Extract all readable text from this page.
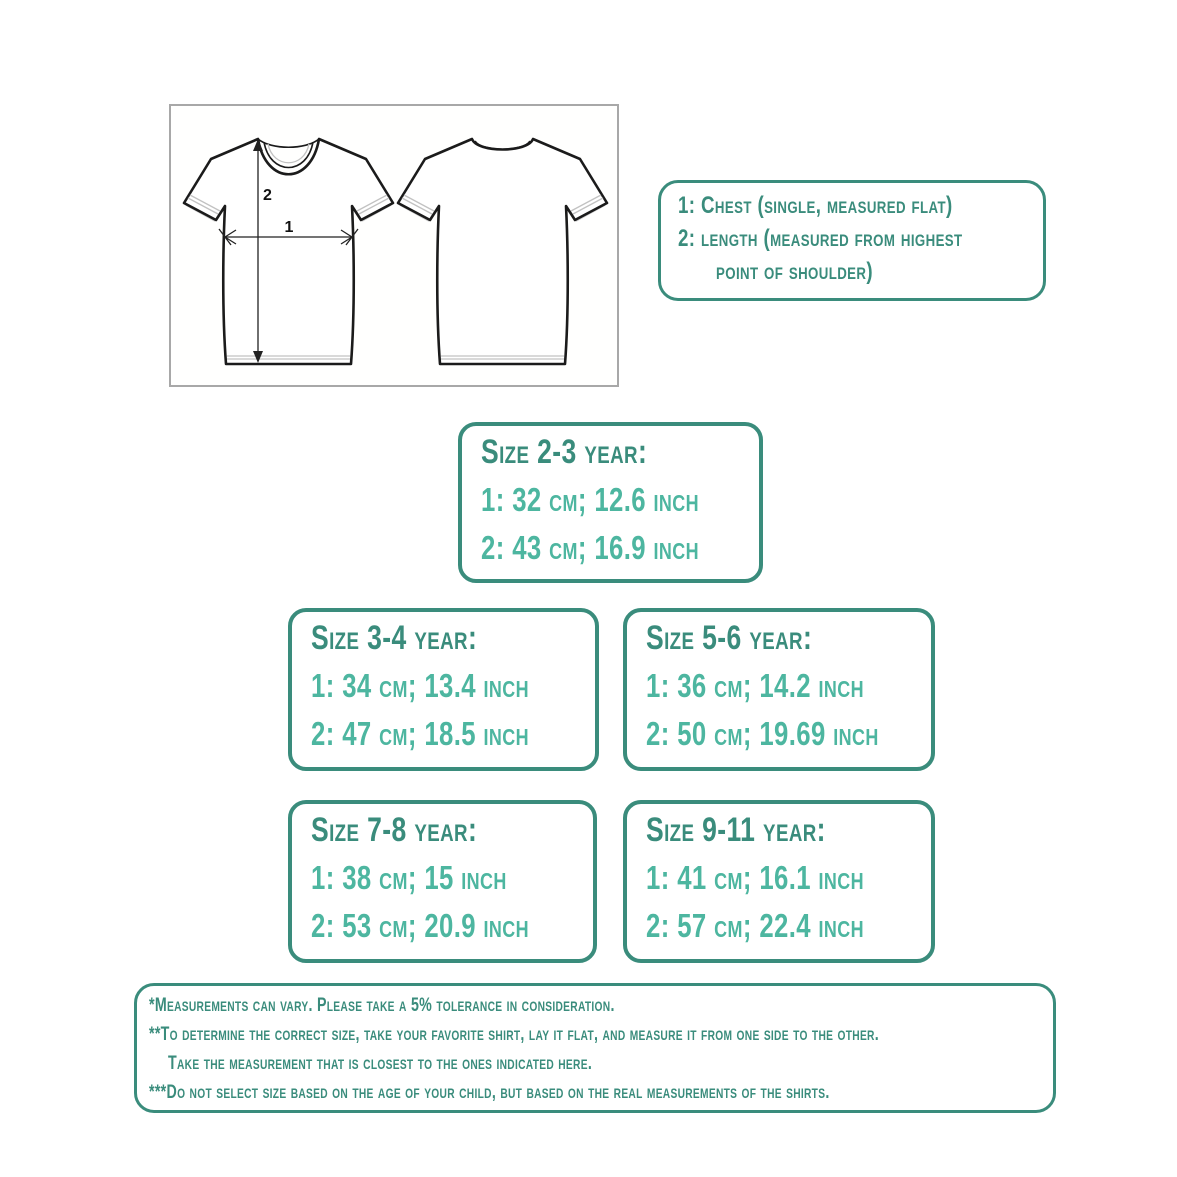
2
1
1: Chest (single, measured flat)
2: length (measured from highest
point of shoulder)
Size 2-3 year:
1: 32 cm; 12.6 inch
2: 43 cm; 16.9 inch
Size 3-4 year:
1: 34 cm; 13.4 inch
2: 47 cm; 18.5 inch
Size 5-6 year:
1: 36 cm; 14.2 inch
2: 50 cm; 19.69 inch
Size 7-8 year:
1: 38 cm; 15 inch
2: 53 cm; 20.9 inch
Size 9-11 year:
1: 41 cm; 16.1 inch
2: 57 cm; 22.4 inch
*Measurements can vary. Please take a 5% tolerance in consideration.
**To determine the correct size, take your favorite shirt, lay it flat, and measure it from one side to the other.
Take the measurement that is closest to the ones indicated here.
***Do not select size based on the age of your child, but based on the real measurements of the shirts.
